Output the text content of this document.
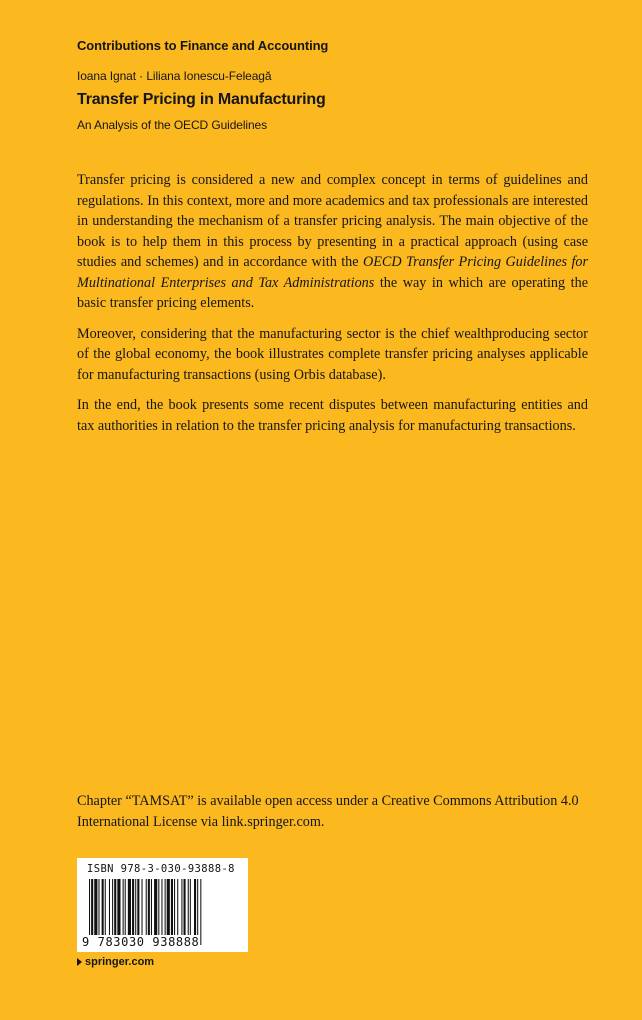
Contributions to Finance and Accounting
Ioana Ignat · Liliana Ionescu-Feleagă
Transfer Pricing in Manufacturing
An Analysis of the OECD Guidelines

Transfer pricing is considered a new and complex concept in terms of guidelines and regulations. In this context, more and more academics and tax professionals are interested in understanding the mechanism of a transfer pricing analysis. The main objective of the book is to help them in this process by presenting in a practical approach (using case studies and schemes) and in accordance with the OECD Transfer Pricing Guidelines for Multinational Enterprises and Tax Administrations the way in which are operating the basic transfer pricing elements.

Moreover, considering that the manufacturing sector is the chief wealthproducing sector of the global economy, the book illustrates complete transfer pricing analyses applicable for manufacturing transactions (using Orbis database).

In the end, the book presents some recent disputes between manufacturing entities and tax authorities in relation to the transfer pricing analysis for manufacturing transactions.

Chapter “TAMSAT” is available open access under a Creative Commons Attribution 4.0 International License via link.springer.com.
ISBN 978-3-030-93888-8
9 783030 938888
springer.com
